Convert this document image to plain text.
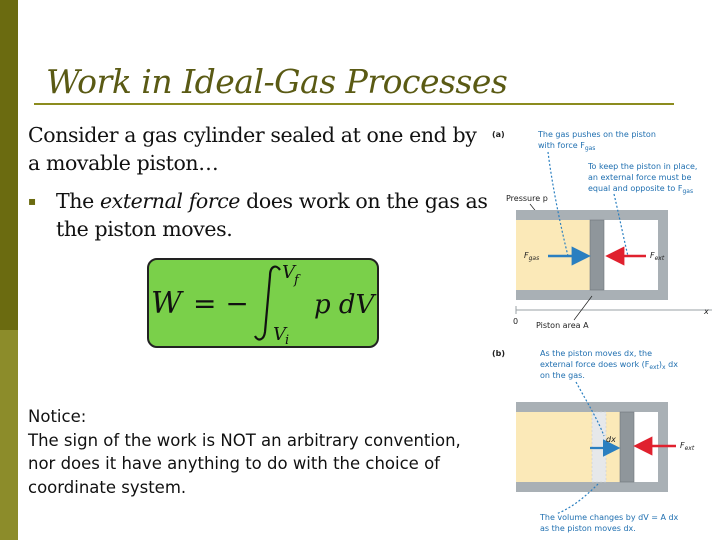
Work in Ideal-Gas Processes
Consider a gas cylinder sealed at one end by a movable piston…
▪ The external force does work on the gas as the piston moves.
W = −
V f
V i
p dV
Notice:
The sign of the work is NOT an arbitrary convention, nor does it have anything to do with the choice of coordinate system.
(a)	The gas pushes on the piston
with force $F_{gas}$
To keep the piston in place,
an external force must be
equal and opposite to $F_{gas}$
Pressure p
$F_{gas}$	$F_{ext}$
0
x
Piston area A
(b)	As the piston moves dx, the
external force does work $(F_{ext})_x$ dx
on the gas.
dx
$F_{ext}$
The volume changes by dV = A dx
as the piston moves dx.
